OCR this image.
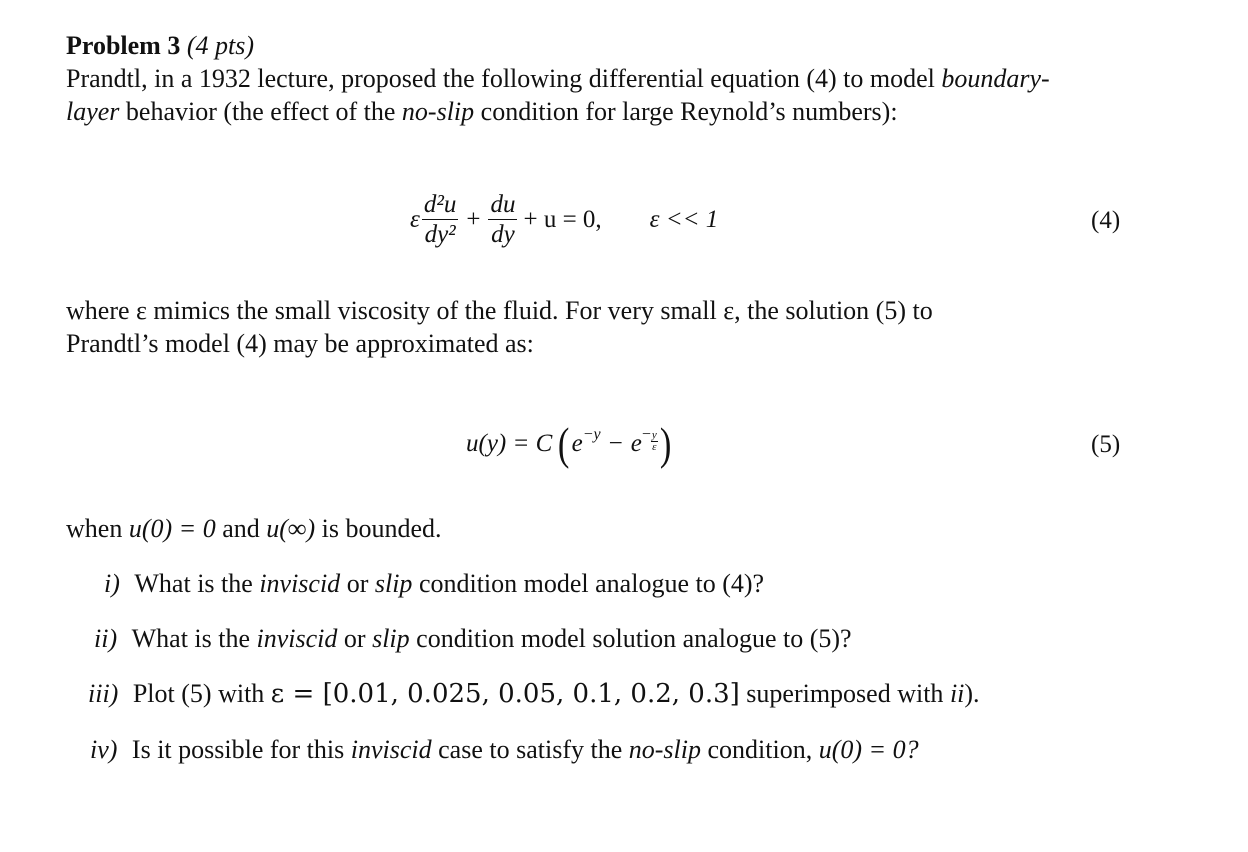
Problem 3 (4 pts)
Prandtl, in a 1932 lecture, proposed the following differential equation (4) to model boundary-
layer behavior (the effect of the no-slip condition for large Reynold’s numbers):
ε $\frac{\text{d²u}}{\text{dy²}} + \frac{du}{dy} + u = 0$, ε << 1	(4)
where ε mimics the small viscosity of the fluid. For very small ε, the solution (5) to
Prandtl’s model (4) may be approximated as:
u(y) = C ( $e^{-y} - e^- \frac{y}{\varepsilon}$ )	(5)
when u(0) = 0 and u(∞) is bounded.
i) What is the inviscid or slip condition model analogue to (4)?
ii) What is the inviscid or slip condition model solution analogue to (5)?
iii) Plot (5) with ε = [0.01, 0.025, 0.05, 0.1, 0.2, 0.3] superimposed with ii).
iv) Is it possible for this inviscid case to satisfy the no-slip condition, u(0) = 0?
